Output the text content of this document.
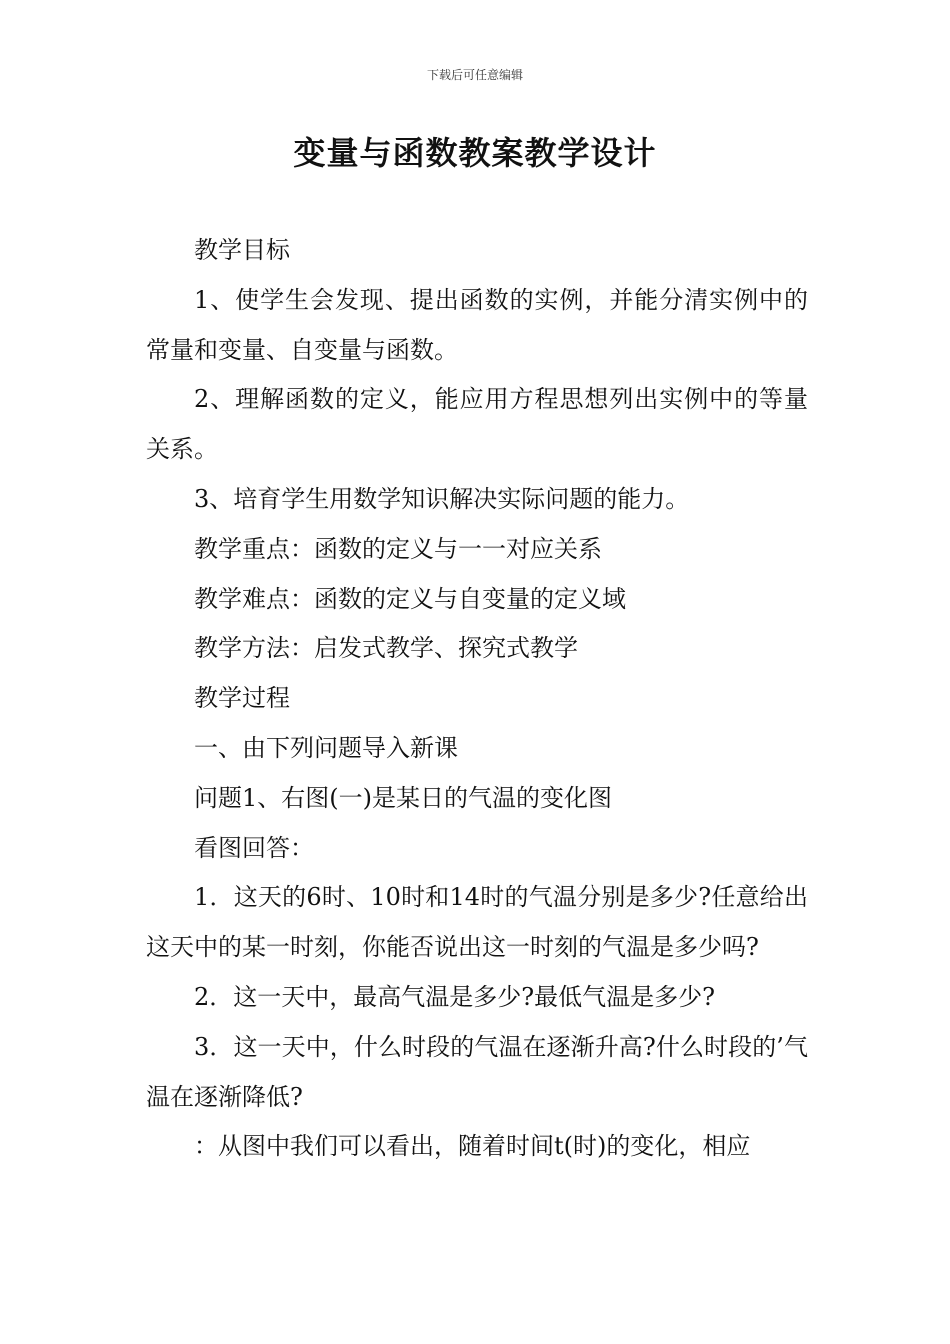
下载后可任意编辑
变量与函数教案教学设计

教学目标

1、使学生会发现、提出函数的实例，并能分清实例中的常量和变量、自变量与函数。

2、理解函数的定义，能应用方程思想列出实例中的等量关系。

3、培育学生用数学知识解决实际问题的能力。

教学重点：函数的定义与一一对应关系

教学难点：函数的定义与自变量的定义域

教学方法：启发式教学、探究式教学

教学过程

一、由下列问题导入新课

问题1、右图(一)是某日的气温的变化图

看图回答：

1．这天的6时、10时和14时的气温分别是多少?任意给出这天中的某一时刻，你能否说出这一时刻的气温是多少吗?

2．这一天中，最高气温是多少?最低气温是多少?

3．这一天中，什么时段的气温在逐渐升高?什么时段的’气温在逐渐降低?

：从图中我们可以看出，随着时间t(时)的变化，相应
